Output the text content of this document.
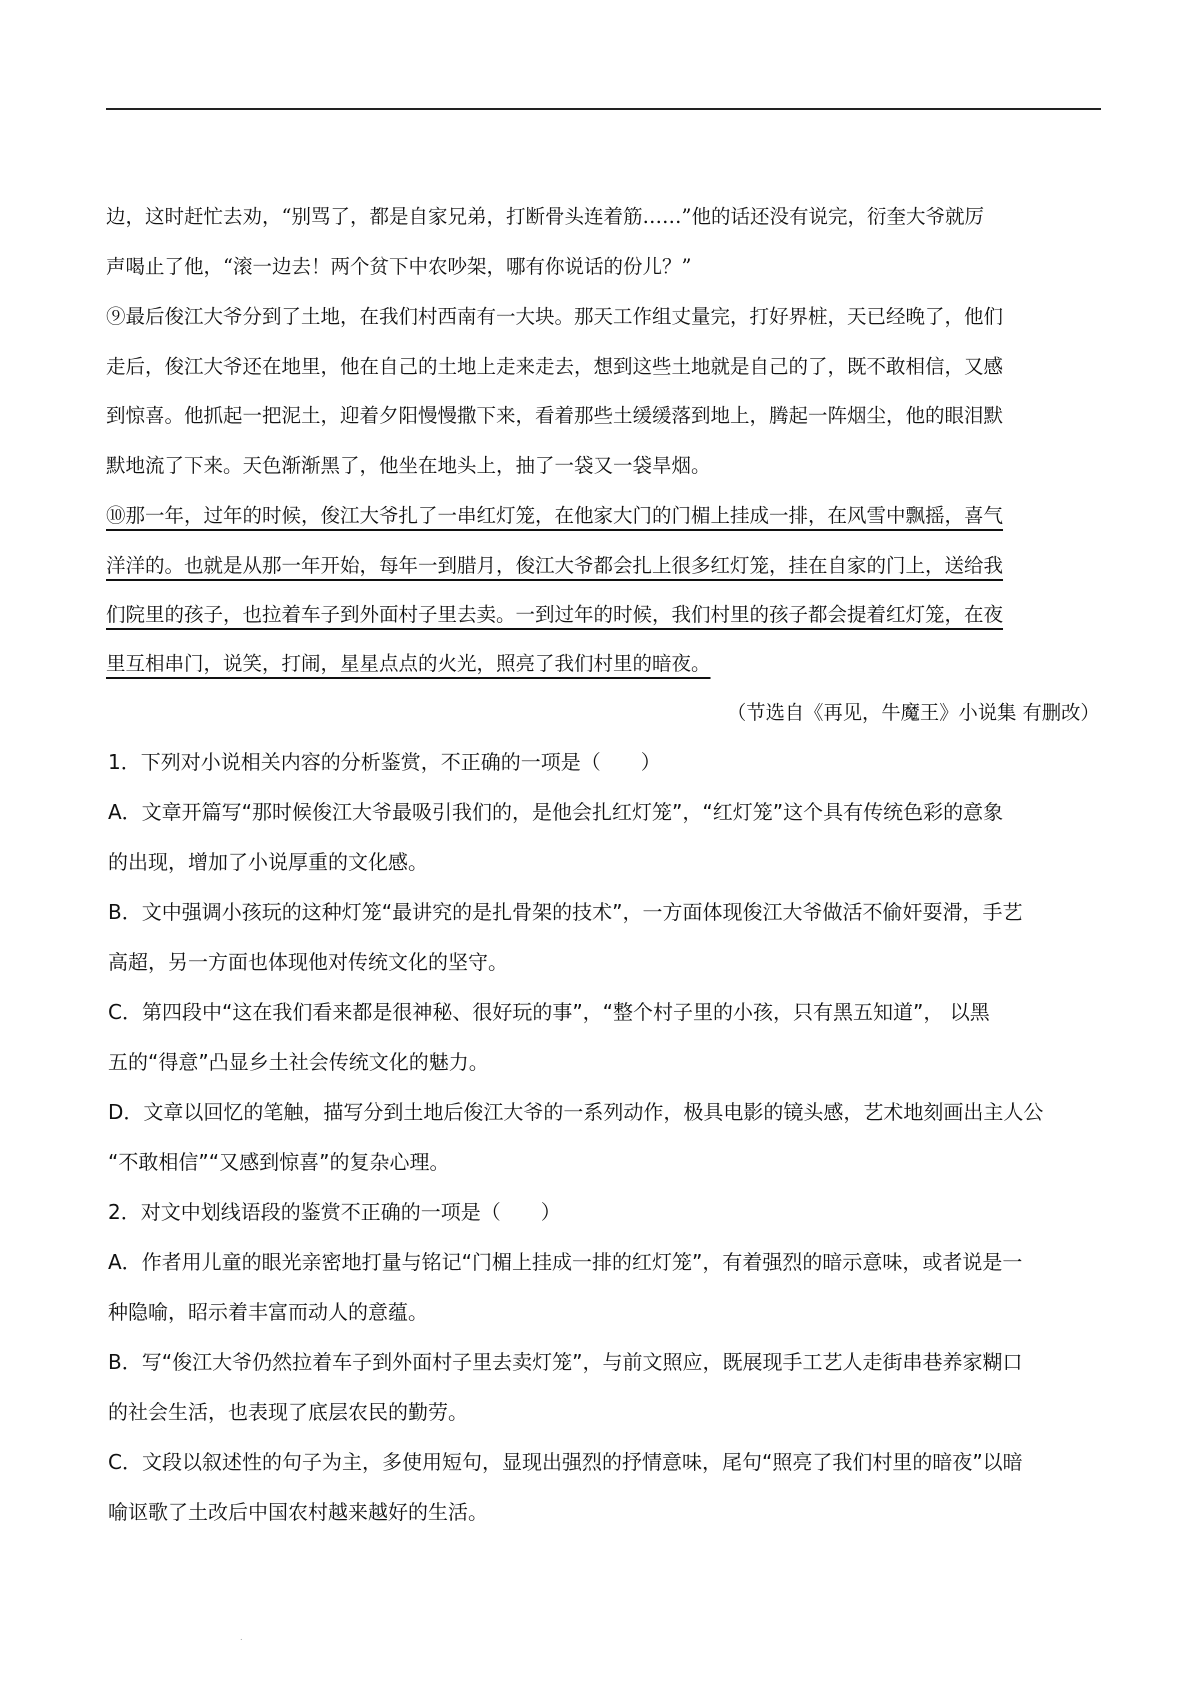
边，这时赶忙去劝，“别骂了，都是自家兄弟，打断骨头连着筋……”他的话还没有说完，衍奎大爷就厉
声喝止了他，“滚一边去！两个贫下中农吵架，哪有你说话的份儿？”
⑨最后俊江大爷分到了土地，在我们村西南有一大块。那天工作组丈量完，打好界桩，天已经晚了，他们
走后，俊江大爷还在地里，他在自己的土地上走来走去，想到这些土地就是自己的了，既不敢相信，又感
到惊喜。他抓起一把泥土，迎着夕阳慢慢撒下来，看着那些土缓缓落到地上，腾起一阵烟尘，他的眼泪默
默地流了下来。天色渐渐黑了，他坐在地头上，抽了一袋又一袋旱烟。
⑩那一年，过年的时候，俊江大爷扎了一串红灯笼，在他家大门的门楣上挂成一排，在风雪中飘摇，喜气
洋洋的。也就是从那一年开始，每年一到腊月，俊江大爷都会扎上很多红灯笼，挂在自家的门上，送给我
们院里的孩子，也拉着车子到外面村子里去卖。一到过年的时候，我们村里的孩子都会提着红灯笼，在夜
里互相串门，说笑，打闹，星星点点的火光，照亮了我们村里的暗夜。
（节选自《再见，牛魔王》小说集 有删改）
1．下列对小说相关内容的分析鉴赏，不正确的一项是（　　）
A．文章开篇写“那时候俊江大爷最吸引我们的，是他会扎红灯笼”，“红灯笼”这个具有传统色彩的意象
的出现，增加了小说厚重的文化感。
B．文中强调小孩玩的这种灯笼“最讲究的是扎骨架的技术”，一方面体现俊江大爷做活不偷奸耍滑，手艺
高超，另一方面也体现他对传统文化的坚守。
C．第四段中“这在我们看来都是很神秘、很好玩的事”，“整个村子里的小孩，只有黑五知道”， 以黑
五的“得意”凸显乡土社会传统文化的魅力。
D．文章以回忆的笔触，描写分到土地后俊江大爷的一系列动作，极具电影的镜头感，艺术地刻画出主人公
“不敢相信”“又感到惊喜”的复杂心理。
2．对文中划线语段的鉴赏不正确的一项是（　　）
A．作者用儿童的眼光亲密地打量与铭记“门楣上挂成一排的红灯笼”，有着强烈的暗示意味，或者说是一
种隐喻，昭示着丰富而动人的意蕴。
B．写“俊江大爷仍然拉着车子到外面村子里去卖灯笼”，与前文照应，既展现手工艺人走街串巷养家糊口
的社会生活，也表现了底层农民的勤劳。
C．文段以叙述性的句子为主，多使用短句，显现出强烈的抒情意味，尾句“照亮了我们村里的暗夜”以暗
喻讴歌了土改后中国农村越来越好的生活。
.
